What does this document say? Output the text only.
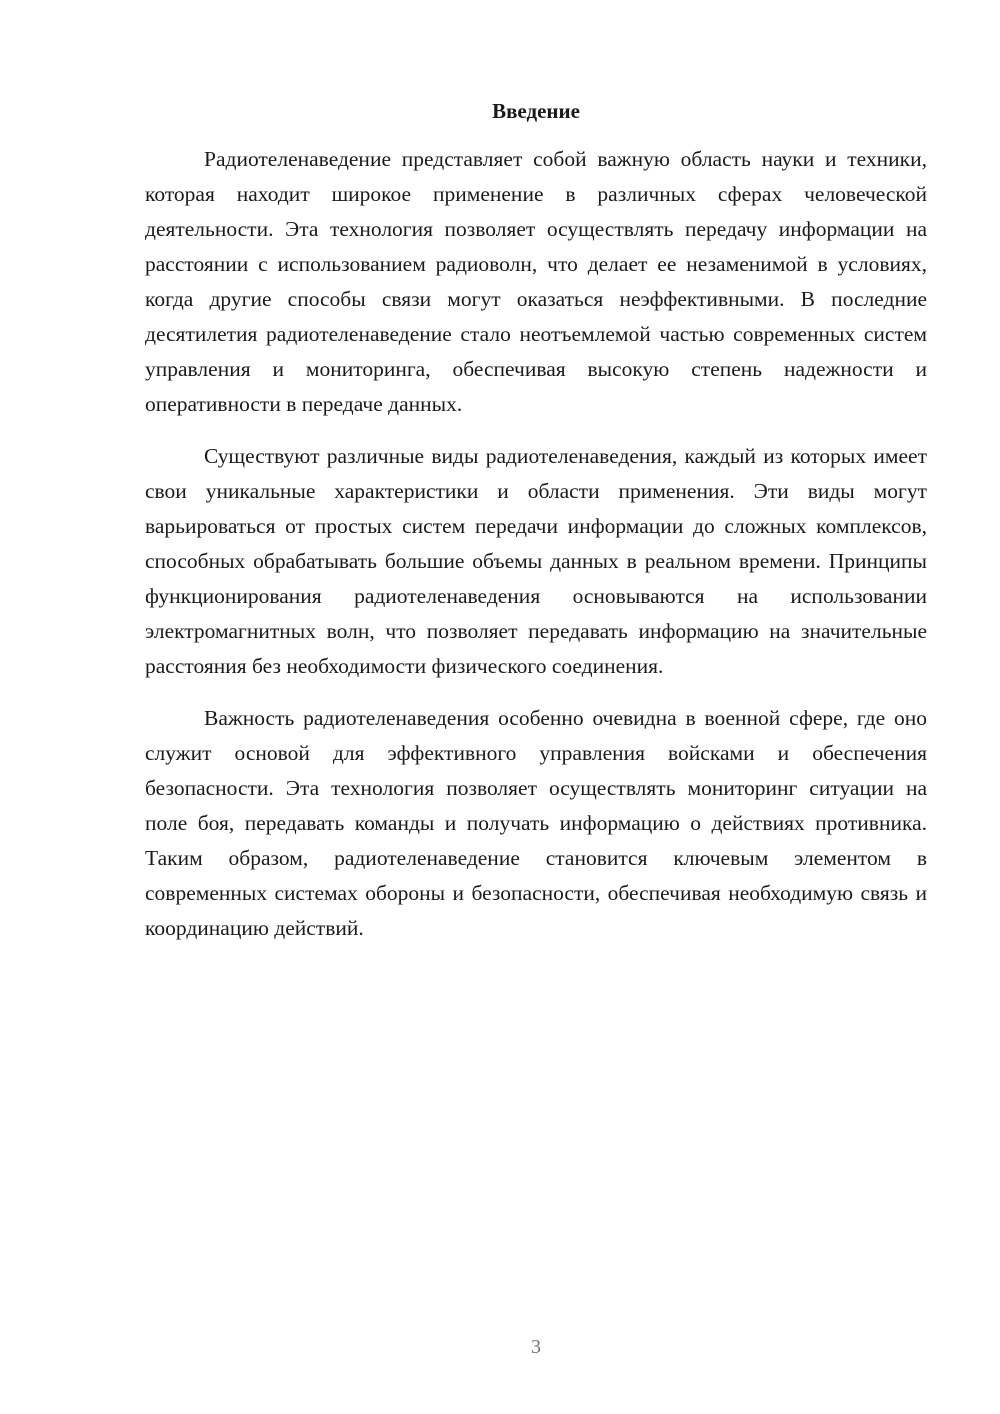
Введение

Радиотеленаведение представляет собой важную область науки и техники, которая находит широкое применение в различных сферах человеческой деятельности. Эта технология позволяет осуществлять передачу информации на расстоянии с использованием радиоволн, что делает ее незаменимой в условиях, когда другие способы связи могут оказаться неэффективными. В последние десятилетия радиотеленаведение стало неотъемлемой частью современных систем управления и мониторинга, обеспечивая высокую степень надежности и оперативности в передаче данных.

Существуют различные виды радиотеленаведения, каждый из которых имеет свои уникальные характеристики и области применения. Эти виды могут варьироваться от простых систем передачи информации до сложных комплексов, способных обрабатывать большие объемы данных в реальном времени. Принципы функционирования радиотеленаведения основываются на использовании электромагнитных волн, что позволяет передавать информацию на значительные расстояния без необходимости физического соединения.

Важность радиотеленаведения особенно очевидна в военной сфере, где оно служит основой для эффективного управления войсками и обеспечения безопасности. Эта технология позволяет осуществлять мониторинг ситуации на поле боя, передавать команды и получать информацию о действиях противника. Таким образом, радиотеленаведение становится ключевым элементом в современных системах обороны и безопасности, обеспечивая необходимую связь и координацию действий.

3
